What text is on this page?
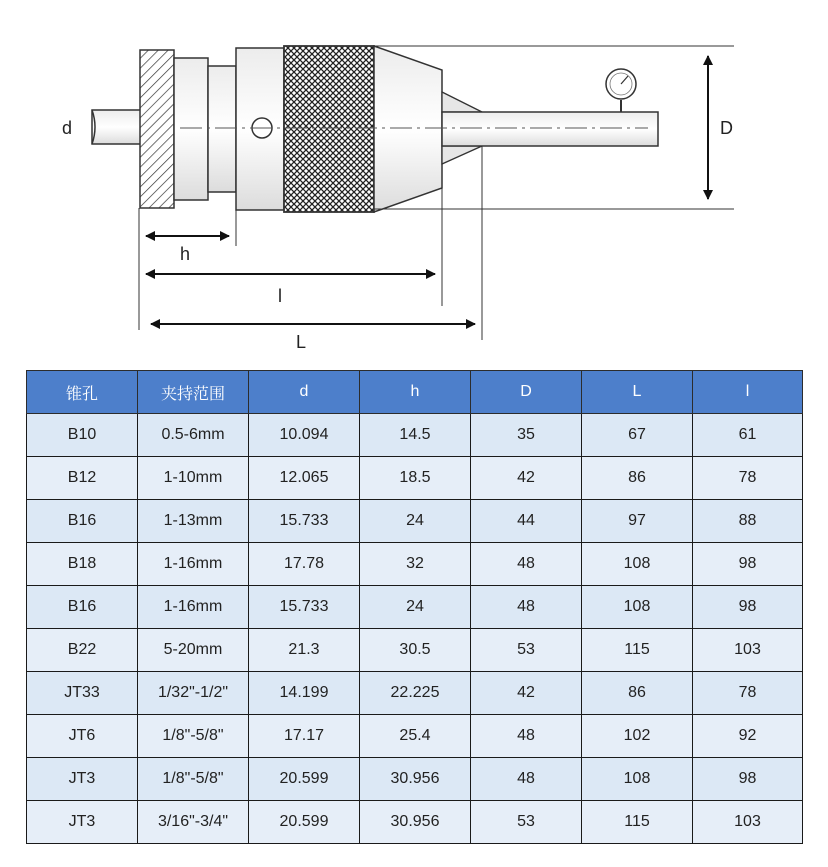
d	D
h
l
L
锥孔	夹持范围	d	h	D	L	l
B10	0.5-6mm	10.094	14.5	35	67	61
B12	1-10mm	12.065	18.5	42	86	78
B16	1-13mm	15.733	24	44	97	88
B18	1-16mm	17.78	32	48	108	98
B16	1-16mm	15.733	24	48	108	98
B22	5-20mm	21.3	30.5	53	115	103
JT33	1/32"-1/2"	14.199	22.225	42	86	78
JT6	1/8"-5/8"	17.17	25.4	48	102	92
JT3	1/8"-5/8"	20.599	30.956	48	108	98
JT3	3/16"-3/4"	20.599	30.956	53	115	103
